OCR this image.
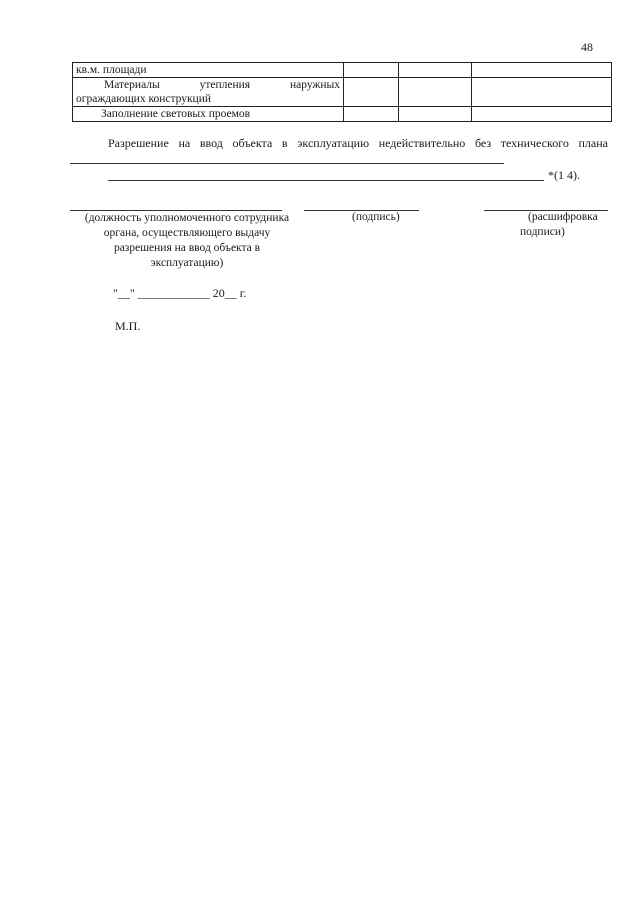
48
кв.м. площади			

Материалы утепления наружных
ограждающих конструкций			

Заполнение световых проемов			
Разрешение на ввод объекта в эксплуатацию недействительно без технического плана
*(1 4).
(должность уполномоченного сотрудника органа, осуществляющего выдачу разрешения на ввод объекта в эксплуатацию)
(подпись)	(расшифровка
подписи)
"__" ____________ 20__ г.
М.П.
